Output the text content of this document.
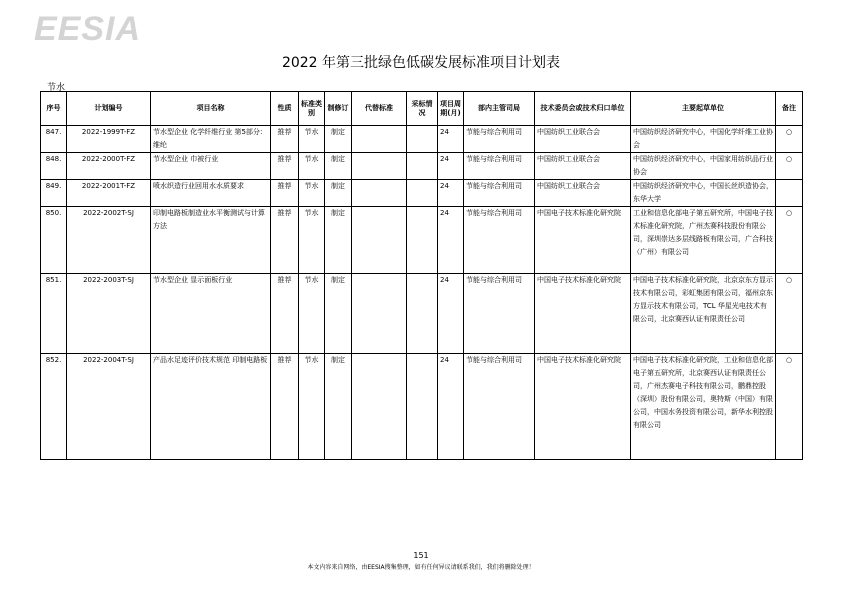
EESIA
2022 年第三批绿色低碳发展标准项目计划表
节水
序号	计划编号	项目名称	性质	标准类别	制修订	代替标准	采标情况	项目周期(月)	部内主管司局	技术委员会或技术归口单位	主要起草单位	备注
847.	2022-1999T-FZ	节水型企业 化学纤维行业 第5部分：维纶	推荐	节水	制定			24	节能与综合利用司	中国纺织工业联合会	中国纺织经济研究中心，中国化学纤维工业协会	○
848.	2022-2000T-FZ	节水型企业 巾被行业	推荐	节水	制定			24	节能与综合利用司	中国纺织工业联合会	中国纺织经济研究中心，中国家用纺织品行业协会	○
849.	2022-2001T-FZ	喷水织造行业回用水水质要求	推荐	节水	制定			24	节能与综合利用司	中国纺织工业联合会	中国纺织经济研究中心，中国长丝织造协会，东华大学	
850.	2022-2002T-SJ	印制电路板制造业水平衡测试与计算方法	推荐	节水	制定			24	节能与综合利用司	中国电子技术标准化研究院	工业和信息化部电子第五研究所，中国电子技术标准化研究院，广州杰赛科技股份有限公司，深圳崇达多层线路板有限公司，广合科技（广州）有限公司	○
851.	2022-2003T-SJ	节水型企业 显示面板行业	推荐	节水	制定			24	节能与综合利用司	中国电子技术标准化研究院	中国电子技术标准化研究院，北京京东方显示技术有限公司，彩虹集团有限公司，福州京东方显示技术有限公司，TCL 华星光电技术有限公司，北京赛西认证有限责任公司	○
852.	2022-2004T-SJ	产品水足迹评价技术规范 印制电路板	推荐	节水	制定			24	节能与综合利用司	中国电子技术标准化研究院	中国电子技术标准化研究院，工业和信息化部电子第五研究所，北京赛西认证有限责任公司，广州杰赛电子科技有限公司，鹏鼎控股（深圳）股份有限公司，奥特斯（中国）有限公司，中国水务投资有限公司，新华水利控股有限公司	○
151
本文内容来自网络，由EESIA搜集整理，如有任何异议请联系我们，我们将删除处理！
